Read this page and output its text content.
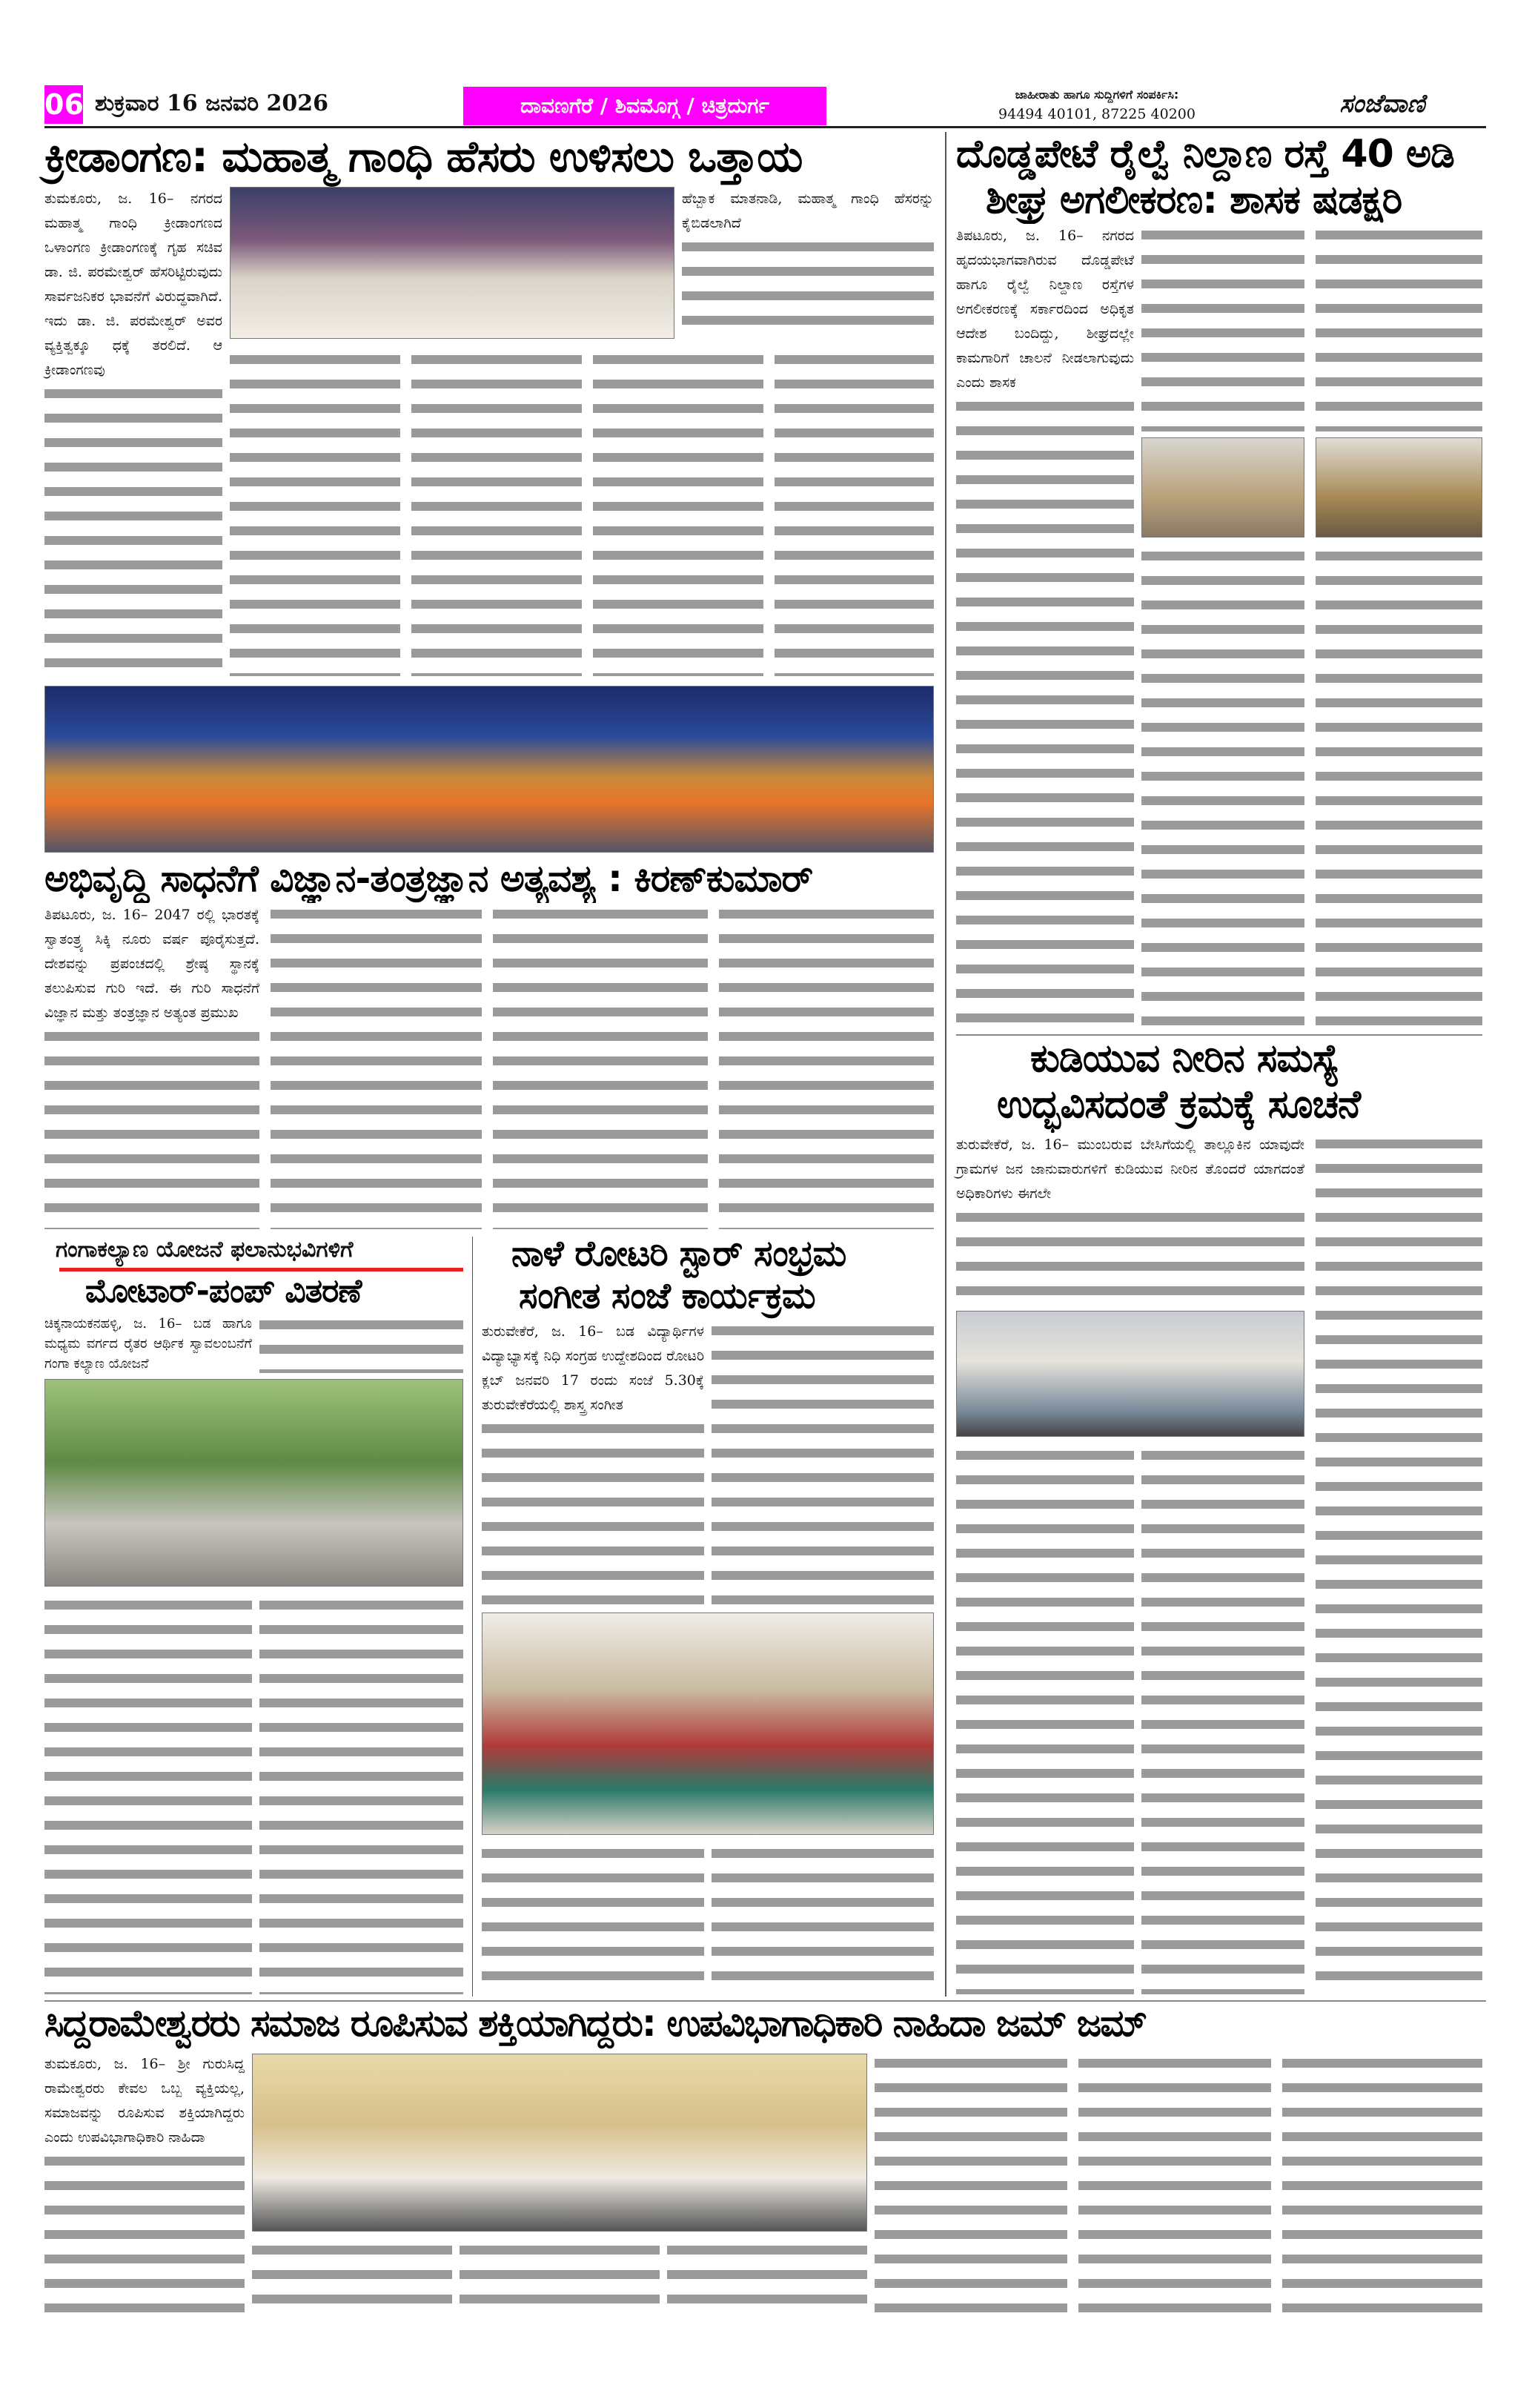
06 ಶುಕ್ರವಾರ 16 ಜನವರಿ 2026	ದಾವಣಗೆರೆ / ಶಿವಮೊಗ್ಗ / ಚಿತ್ರದುರ್ಗ	ಜಾಹೀರಾತು ಹಾಗೂ ಸುದ್ದಿಗಳಿಗೆ ಸಂಪರ್ಕಿಸಿ:
94494 40101, 87225 40200	ಸಂಜೆವಾಣಿ
ಕ್ರೀಡಾಂಗಣ: ಮಹಾತ್ಮ ಗಾಂಧಿ ಹೆಸರು ಉಳಿಸಲು ಒತ್ತಾಯ

ತುಮಕೂರು, ಜ. 16– ನಗರದ ಮಹಾತ್ಮ ಗಾಂಧಿ ಕ್ರೀಡಾಂಗಣದ ಒಳಾಂಗಣ ಕ್ರೀಡಾಂಗಣಕ್ಕೆ ಗೃಹ ಸಚಿವ ಡಾ. ಜಿ. ಪರಮೇಶ್ವರ್ ಹೆಸರಿಟ್ಟಿರುವುದು ಸಾರ್ವಜನಿಕರ ಭಾವನೆಗೆ ವಿರುದ್ಧವಾಗಿದೆ. ಇದು ಡಾ. ಜಿ. ಪರಮೇಶ್ವರ್ ಅವರ ವ್ಯಕ್ತಿತ್ವಕ್ಕೂ ಧಕ್ಕೆ ತರಲಿದೆ. ಆ ಕ್ರೀಡಾಂಗಣವು

ಹೆಬ್ಬಾಕ ಮಾತನಾಡಿ, ಮಹಾತ್ಮ ಗಾಂಧಿ ಹೆಸರನ್ನು ಕೈಬಿಡಲಾಗಿದೆ

ಅಭಿವೃದ್ಧಿ ಸಾಧನೆಗೆ ವಿಜ್ಞಾನ-ತಂತ್ರಜ್ಞಾನ ಅತ್ಯವಶ್ಯ : ಕಿರಣ್‌ಕುಮಾರ್

ತಿಪಟೂರು, ಜ. 16– 2047 ರಲ್ಲಿ ಭಾರತಕ್ಕೆ ಸ್ವಾತಂತ್ರ್ಯ ಸಿಕ್ಕಿ ನೂರು ವರ್ಷ ಪೂರೈಸುತ್ತದೆ. ದೇಶವನ್ನು ಪ್ರಪಂಚದಲ್ಲಿ ಶ್ರೇಷ್ಠ ಸ್ಥಾನಕ್ಕೆ ತಲುಪಿಸುವ ಗುರಿ ಇದೆ. ಈ ಗುರಿ ಸಾಧನೆಗೆ ವಿಜ್ಞಾನ ಮತ್ತು ತಂತ್ರಜ್ಞಾನ ಅತ್ಯಂತ ಪ್ರಮುಖ

ದೊಡ್ಡಪೇಟೆ ರೈಲ್ವೆ ನಿಲ್ದಾಣ ರಸ್ತೆ 40 ಅಡಿ
ಶೀಘ್ರ ಅಗಲೀಕರಣ: ಶಾಸಕ ಷಡಕ್ಷರಿ

ತಿಪಟೂರು, ಜ. 16– ನಗರದ ಹೃದಯಭಾಗವಾಗಿರುವ ದೊಡ್ಡಪೇಟೆ ಹಾಗೂ ರೈಲ್ವೆ ನಿಲ್ದಾಣ ರಸ್ತೆಗಳ ಅಗಲೀಕರಣಕ್ಕೆ ಸರ್ಕಾರದಿಂದ ಅಧಿಕೃತ ಆದೇಶ ಬಂದಿದ್ದು, ಶೀಘ್ರದಲ್ಲೇ ಕಾಮಗಾರಿಗೆ ಚಾಲನೆ ನೀಡಲಾಗುವುದು ಎಂದು ಶಾಸಕ

ಕುಡಿಯುವ ನೀರಿನ ಸಮಸ್ಯೆ
ಉದ್ಭವಿಸದಂತೆ ಕ್ರಮಕ್ಕೆ ಸೂಚನೆ

ತುರುವೇಕೆರೆ, ಜ. 16– ಮುಂಬರುವ ಬೇಸಿಗೆಯಲ್ಲಿ ತಾಲ್ಲೂಕಿನ ಯಾವುದೇ ಗ್ರಾಮಗಳ ಜನ ಜಾನುವಾರುಗಳಿಗೆ ಕುಡಿಯುವ ನೀರಿನ ತೊಂದರೆ ಯಾಗದಂತೆ ಅಧಿಕಾರಿಗಳು ಈಗಲೇ

ಗಂಗಾಕಲ್ಯಾಣ ಯೋಜನೆ ಫಲಾನುಭವಿಗಳಿಗೆ
ಮೋಟಾರ್-ಪಂಪ್ ವಿತರಣೆ

ಚಿಕ್ಕನಾಯಕನಹಳ್ಳಿ, ಜ. 16– ಬಡ ಹಾಗೂ ಮಧ್ಯಮ ವರ್ಗದ ರೈತರ ಆರ್ಥಿಕ ಸ್ವಾವಲಂಬನೆಗೆ ಗಂಗಾ ಕಲ್ಯಾಣ ಯೋಜನೆ

ನಾಳೆ ರೋಟರಿ ಸ್ಟಾರ್ ಸಂಭ್ರಮ
ಸಂಗೀತ ಸಂಜೆ ಕಾರ್ಯಕ್ರಮ

ತುರುವೇಕೆರೆ, ಜ. 16– ಬಡ ವಿದ್ಯಾರ್ಥಿಗಳ ವಿದ್ಯಾಭ್ಯಾಸಕ್ಕೆ ನಿಧಿ ಸಂಗ್ರಹ ಉದ್ದೇಶದಿಂದ ರೋಟರಿ ಕ್ಲಬ್ ಜನವರಿ 17 ರಂದು ಸಂಜೆ 5.30ಕ್ಕೆ ತುರುವೇಕೆರೆಯಲ್ಲಿ ಶಾಸ್ತ್ರ ಸಂಗೀತ

ಸಿದ್ದರಾಮೇಶ್ವರರು ಸಮಾಜ ರೂಪಿಸುವ ಶಕ್ತಿಯಾಗಿದ್ದರು: ಉಪವಿಭಾಗಾಧಿಕಾರಿ ನಾಹಿದಾ ಜಮ್ ಜಮ್

ತುಮಕೂರು, ಜ. 16– ಶ್ರೀ ಗುರುಸಿದ್ದ ರಾಮೇಶ್ವರರು ಕೇವಲ ಒಬ್ಬ ವ್ಯಕ್ತಿಯಲ್ಲ, ಸಮಾಜವನ್ನು ರೂಪಿಸುವ ಶಕ್ತಿಯಾಗಿದ್ದರು ಎಂದು ಉಪವಿಭಾಗಾಧಿಕಾರಿ ನಾಹಿದಾ
